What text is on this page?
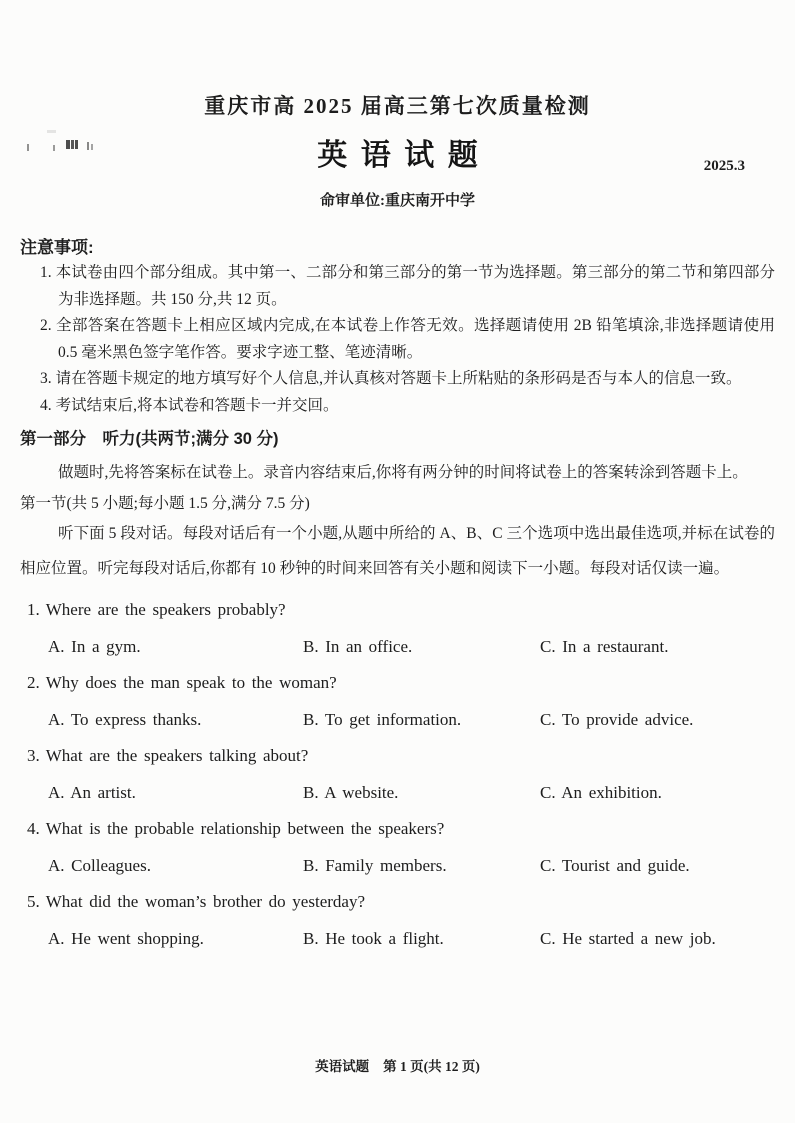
2025.3
重庆市高 2025 届高三第七次质量检测
英语试题
命审单位:重庆南开中学
注意事项:
1. 本试卷由四个部分组成。其中第一、二部分和第三部分的第一节为选择题。第三部分的第二节和第四部分为非选择题。共 150 分,共 12 页。
2. 全部答案在答题卡上相应区域内完成,在本试卷上作答无效。选择题请使用 2B 铅笔填涂,非选择题请使用 0.5 毫米黑色签字笔作答。要求字迹工整、笔迹清晰。
3. 请在答题卡规定的地方填写好个人信息,并认真核对答题卡上所粘贴的条形码是否与本人的信息一致。
4. 考试结束后,将本试卷和答题卡一并交回。
第一部分　听力(共两节;满分 30 分)

做题时,先将答案标在试卷上。录音内容结束后,你将有两分钟的时间将试卷上的答案转涂到答题卡上。

第一节(共 5 小题;每小题 1.5 分,满分 7.5 分)

听下面 5 段对话。每段对话后有一个小题,从题中所给的 A、B、C 三个选项中选出最佳选项,并标在试卷的相应位置。听完每段对话后,你都有 10 秒钟的时间来回答有关小题和阅读下一小题。每段对话仅读一遍。

1. Where are the speakers probably?
A. In a gym.	B. In an office.	C. In a restaurant.
2. Why does the man speak to the woman?
A. To express thanks.	B. To get information.	C. To provide advice.
3. What are the speakers talking about?
A. An artist.	B. A website.	C. An exhibition.
4. What is the probable relationship between the speakers?
A. Colleagues.	B. Family members.	C. Tourist and guide.
5. What did the woman’s brother do yesterday?
A. He went shopping.	B. He took a flight.	C. He started a new job.
英语试题 第 1 页(共 12 页)
